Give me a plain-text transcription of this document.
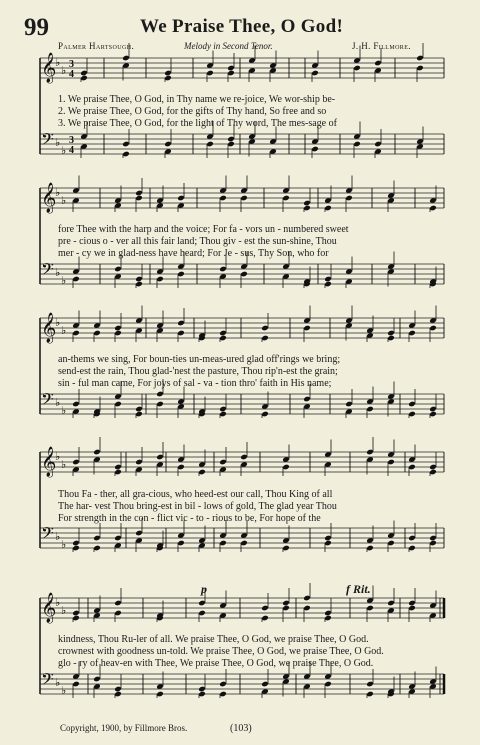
99	We Praise Thee, O God!
Palmer Hartsough.	Melody in Second Tenor.	J. H. Fillmore.
𝄞
♭
♭ 3
4
𝄢 ♭
♭
3
4
1. We praise Thee, O God, in Thy name we re-joice, We wor-ship be-
2. We praise Thee, O God, for the gifts of Thy hand, So free and so
3. We praise Thee, O God, for the light of Thy word, The mes-sage of
𝄞
♭
♭
𝄢 ♭
♭
fore Thee with the harp and the voice; For fa - vors un - numbered sweet
pre - cious o - ver all this fair land; Thou giv - est the sun-shine, Thou
mer - cy we in glad-ness have heard; For Je - sus, Thy Son, who for
𝄞
♭
♭
𝄢 ♭
♭
an-thems we sing, For boun-ties un-meas-ured glad off'rings we bring;
send-est the rain, Thou glad-'nest the pasture, Thou rip'n-est the grain;
sin - ful man came, For joys of sal - va - tion thro' faith in His name;
𝄞
♭
♭
𝄢 ♭
♭
Thou Fa - ther, all gra-cious, who heed-est our call, Thou King of all
The har- vest Thou bring-est in bil - lows of gold, The glad year Thou
For strength in the con - flict vic - to - rious to be, For hope of the
p	f Rit.
𝄞
♭
♭
𝄢 ♭
♭
kindness, Thou Ru-ler of all. We praise Thee, O God, we praise Thee, O God.
crownest with goodness un-told. We praise Thee, O God, we praise Thee, O God.
glo - ry of heav-en with Thee, We praise Thee, O God, we praise Thee, O God.
Copyright, 1900, by Fillmore Bros.	(103)
